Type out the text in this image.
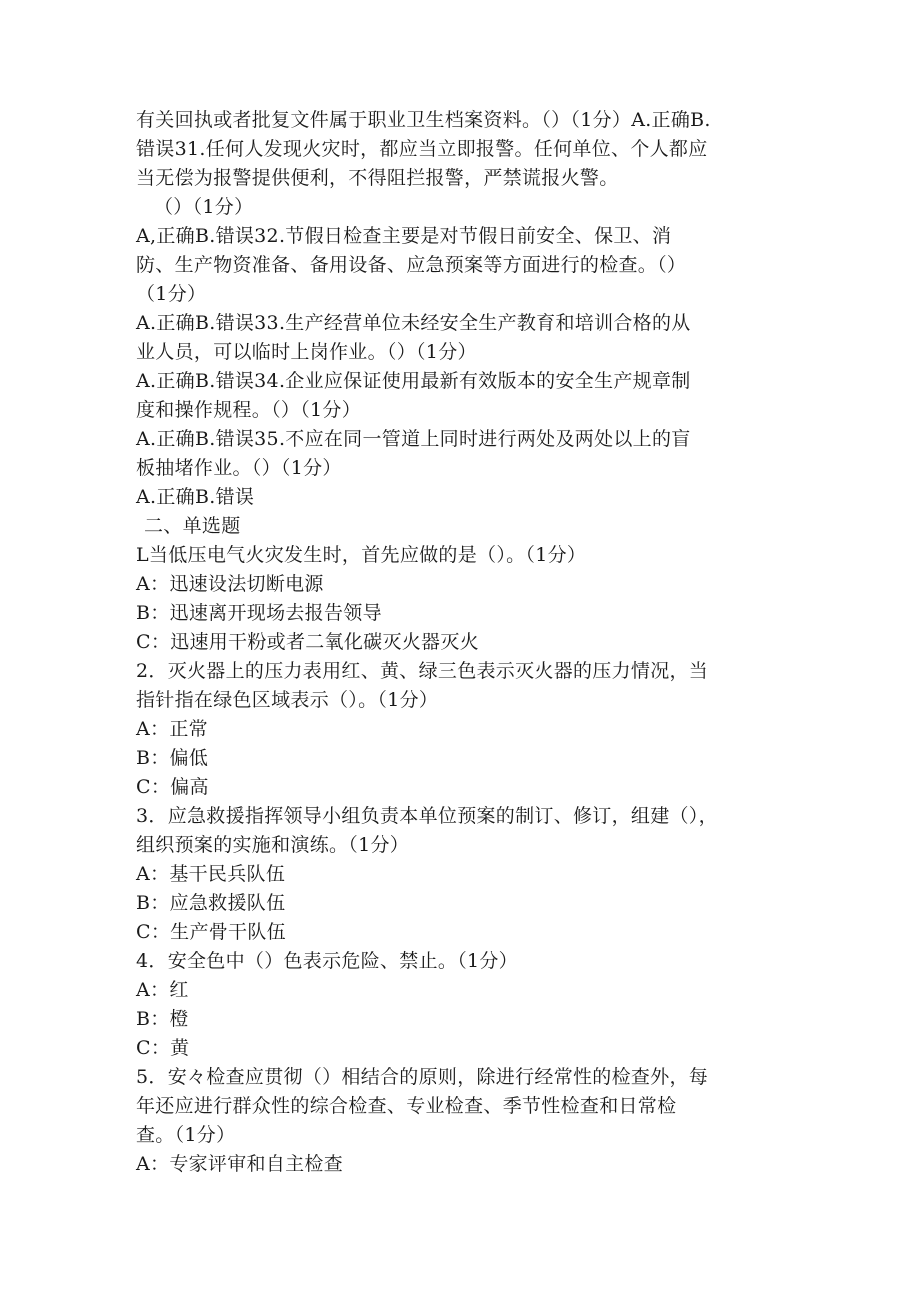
有关回执或者批复文件属于职业卫生档案资料。（）（1分）A.正确B.
错误31.任何人发现火灾时，都应当立即报警。任何单位、个人都应
当无偿为报警提供便利，不得阻拦报警，严禁谎报火警。
（）（1分）
A,正确B.错误32.节假日检查主要是对节假日前安全、保卫、消
防、生产物资准备、备用设备、应急预案等方面进行的检查。（）
（1分）
A.正确B.错误33.生产经营单位未经安全生产教育和培训合格的从
业人员，可以临时上岗作业。（）（1分）
A.正确B.错误34.企业应保证使用最新有效版本的安全生产规章制
度和操作规程。（）（1分）
A.正确B.错误35.不应在同一管道上同时进行两处及两处以上的盲
板抽堵作业。（）（1分）
A.正确B.错误
二、单选题
L当低压电气火灾发生时，首先应做的是（）。（1分）
A：迅速设法切断电源
B：迅速离开现场去报告领导
C：迅速用干粉或者二氧化碳灭火器灭火
2．灭火器上的压力表用红、黄、绿三色表示灭火器的压力情况，当
指针指在绿色区域表示（）。（1分）
A：正常
B：偏低
C：偏高
3．应急救援指挥领导小组负责本单位预案的制订、修订，组建（），
组织预案的实施和演练。（1分）
A：基干民兵队伍
B：应急救援队伍
C：生产骨干队伍
4．安全色中（）色表示危险、禁止。（1分）
A：红
B：橙
C：黄
5．安々检查应贯彻（）相结合的原则，除进行经常性的检查外，每
年还应进行群众性的综合检查、专业检查、季节性检查和日常检
查。（1分）
A：专家评审和自主检查
